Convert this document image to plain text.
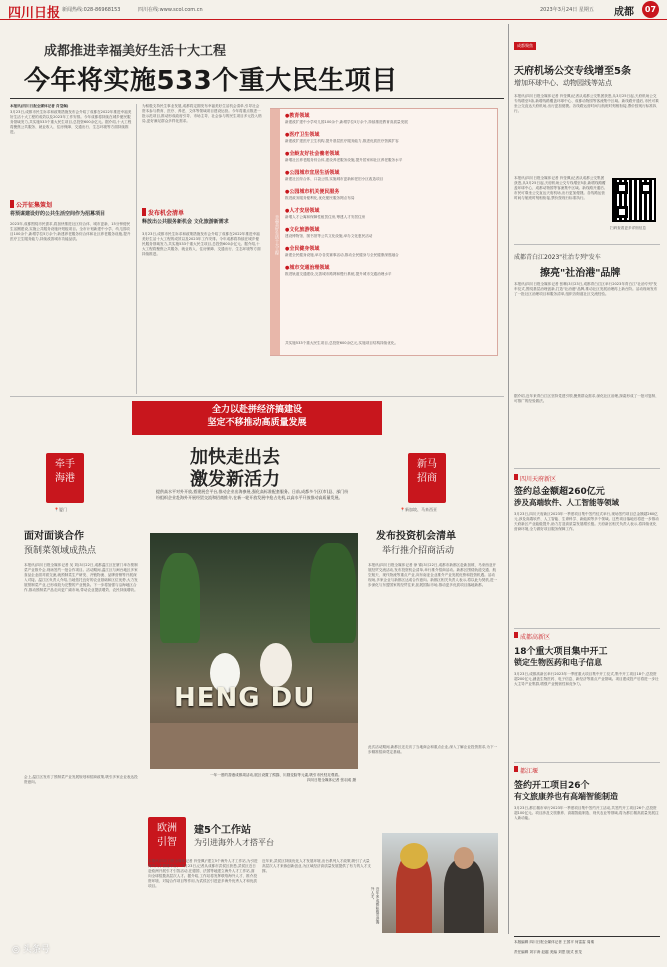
四川日报 新闻热线:028-86968153	四川在线:www.scol.com.cn	2023年3月24日 星期五 成都	07
成都推进幸福美好生活十大工程
今年将实施533个重大民生项目
本报讯(四川日报全媒体记者 肖莹佩)
3月23日,成都市民生诉求和政策措施发布会介绍了成都在2022年推进幸福美好生活十大工程的成效以及2023年工作安排。今年成都将持续在城乡便民服务领域发力,共实施533个重大民生项目,总投资600余亿元。据介绍,十大工程将聚焦公共服务、就业收入、住房保障、交通出行、生态环境等方面持续推进。
公开征集策划
将预谋建设好的公共生活空间作为招募项目
2023年,成都围绕市民需求,将加快推进社区综合体、城市更新、15分钟便民生活圈建设,实施公共服务设施补短板项目。全市计划新建中小学、幼儿园项目100余个,新增学位5万余个;新建养老服务综合体和社区养老服务设施,提升医疗卫生服务能力,持续改善城市功能品质。
为积极支持民生事业发展,成都将定期发布幸福美好生活机会清单,引导社会资本参与教育、医疗、养老、文体等领域项目建设运营。今年将重点推进一批示范项目,推动形成政府引导、市场主导、社会参与的民生项目多元投入格局,更好满足群众多样化需求。
发布机会清单
释放出公共服务新机会 文化旅游新需求
3月23日,成都市民生诉求和政策措施发布会介绍了成都在2022年推进幸福美好生活十大工程的成效以及2023年工作安排。今年成都将持续在城乡便民服务领域发力,共实施533个重大民生项目,总投资600余亿元。据介绍,十大工程将聚焦公共服务、就业收入、住房保障、交通出行、生态环境等方面持续推进。	幸福美好生活十大工程
●教育领域
新建改扩建中小学幼儿园100余个,新增学位5万余个,持续推进教育高质量发展
●医疗卫生领域
新建改扩建医疗卫生机构,提升基层医疗服务能力,推进优质医疗资源扩容
●全龄友好社会養老领域
新增社区养老服务综合体,建设养老服务设施,提升居家和社区养老服务水平
●公园城市宜居生活领域
新建社区综合体、口袋公园,实施城市更新和老旧小区改造项目
●公园城市机关便民服务
推进政务服务便利化,优化便民服务网点布局
●人才安居领域
新增人才公寓和保障性租赁住房,筹建人才安居住房
●文化旅游领域
建设博物馆、图书馆等公共文化设施,举办文化惠民活动
●全民健身领域
新建全民健身设施,举办各类赛事活动,推动全民健身与全民健康深度融合
●城市交通治理领域
推进轨道交通建设,完善城市路网和慢行系统,提升城市交通治理水平
共实施533个重大民生项目,总投资600余亿元,实施项目结构持续优化。
全力以赴拼经济搞建设
坚定不移推动高质量发展
加快走出去
激发新活力
提供高水平对外开放,搭建展会平台,推动企业出海参展,强化高标准配套服务。日前,成都多个区(市)县、部门纷纷组织企业赴海外开展经贸交流和招商推介,在新一轮开放发展中抢占先机,以高水平开放推动高质量发展。
牵手
海港
📍厦门
面对面谈合作
预制菜领域成热点
本报讯(四川日报全媒体记者 吴 刘)3月22日,成都温江区在厦门举办预制菜产业推介会,现场签约一批合作项目。活动期间,温江区与闽台地区多家食品企业面对面交流,就预制菜生产研发、冷链物流、品牌营销等开展深入对接。温江区负责人介绍,当地依托良好的农业基础和区位优势,大力发展预制菜产业,已形成较为完整的产业链条。下一步将加强与沿海地区合作,推动预制菜产品走向更广阔市场,带动农业提质增效、农民持续增收。
会上,温江区发布了预制菜产业发展规划和招商政策,吸引多家企业表达投资意向。
HENG DU
一年一度的香港成都周活动,展区设置了熊猫、川剧变脸等元素,吸引市民驻足观看。
四川日报全媒体记者 张羽成 摄
新马
招商
📍新加坡、马来西亚
发布投资机会清单
举行推介招商活动
本报讯(四川日报全媒体记者 徐 锦)3月22日,成都市新都区赴新加坡、马来西亚开展经贸交流活动,发布投资机会清单,举行推介招商活动。新都区围绕轨道交通、航空航天、现代物流等重点产业,向东南亚企业推介产业发展优势和投资机遇。活动现场,多家企业与新都区达成合作意向。新都区相关负责人表示,将以此为契机,进一步深化与东盟国家的经贸往来,拓展国际市场,推动更多优质项目落地新都。
此次活动期间,新都区还走访了当地商会和重点企业,深入了解企业投资需求,为下一步精准招商奠定基础。
欧洲
引智
建5个工作站
为引进海外人才搭平台
本报讯(四川日报全媒体记者 肖莹佩)"建立5个海外人才工作站,为引进海外人才搭建平台。"3月23日,记者从成都市武侯区获悉,武侯区近日赴欧洲开展引才引智活动,在德国、法国等地建立海外人才工作站,面向全球招揽高层次人才。据介绍,工作站将发挥联络海外人才、推介投资环境、对接合作项目等作用,为武侯区引进更多海外优秀人才和优质项目。
近年来,武侯区持续优化人才发展环境,出台系列人才政策,吸引了大量高层次人才来蓉创新创业,为区域经济高质量发展提供了有力的人才支撑。
近年来,成都积极引进海外人才。
◎ 头条号
成都聚焦
天府机场公交专线增至5条
增加环球中心、动物园线等站点
本报讯(四川日报全媒体记者 肖莹佩)记者从成都公交集团获悉,从3月25日起,天府机场公交专线增至5条,新增线路覆盖环球中心、成都动物园等客流集中区域。新线路开通后,市民可乘坐公交直达天府机场,出行更加便捷。各线路运营时间与航班时刻相衔接,票价按现行标准执行。
本报讯(四川日报全媒体记者 肖莹佩)记者从成都公交集团获悉,从3月25日起,天府机场公交专线增至5条,新增线路覆盖环球中心、成都动物园等客流集中区域。新线路开通后,市民可乘坐公交直达天府机场,出行更加便捷。各线路运营时间与航班时刻相衔接,票价按现行标准执行。
扫码查看更多详细信息
成都青白江2023"社治专列"发车
擦亮"社治港"品牌
本报讯(四川日报全媒体记者 张琳)3月23日,成都青白江区举行2023年青白江"社治专列"发车仪式,围绕基层治理创新,打造"社治港"品牌,推动社区发展治理再上新台阶。活动现场发布了一批社区治理项目和服务清单,组织各街道社区交流经验。
据介绍,近年来青白江区坚持党建引领,聚焦群众需求,深化社区治理,探索形成了一批可复制、可推广的经验做法。
四川天府新区
签约总金额超260亿元
涉及高端软件、人工智能等领域
3月23日,四川天府新区2023年一季度项目集中签约仪式举行,现场签约项目总金额超260亿元,涉及高端软件、人工智能、生命科学、新能源等多个领域。这些项目落地后将进一步推动天府新区产业能级提升,助力打造高质量发展增长极。天府新区相关负责人表示,将持续优化营商环境,全力做好项目服务保障工作。
成都高新区
18个重大项目集中开工
锁定生物医药和电子信息
3月23日,成都高新区举行2023年一季度重大项目集中开工仪式,集中开工项目18个,总投资超200亿元,涵盖生物医药、电子信息、新经济等重点产业领域。项目建成投产后将进一步壮大主导产业集群,增强产业链韧性和竞争力。
都江堰
签约开工项目26个
有文旅康养也有高端智能制造
3月23日,都江堰市举行2023年一季度项目集中签约开工活动,共签约开工项目26个,总投资超100亿元。项目涉及文旅康养、高端智能制造、现代农业等领域,将为都江堰高质量发展注入新动能。
本版编辑 四川日报全媒体记者 王国平 何雷雷 周秦
责任编辑 刘宇涛 赵越 美编 刘思 版式 张龙
